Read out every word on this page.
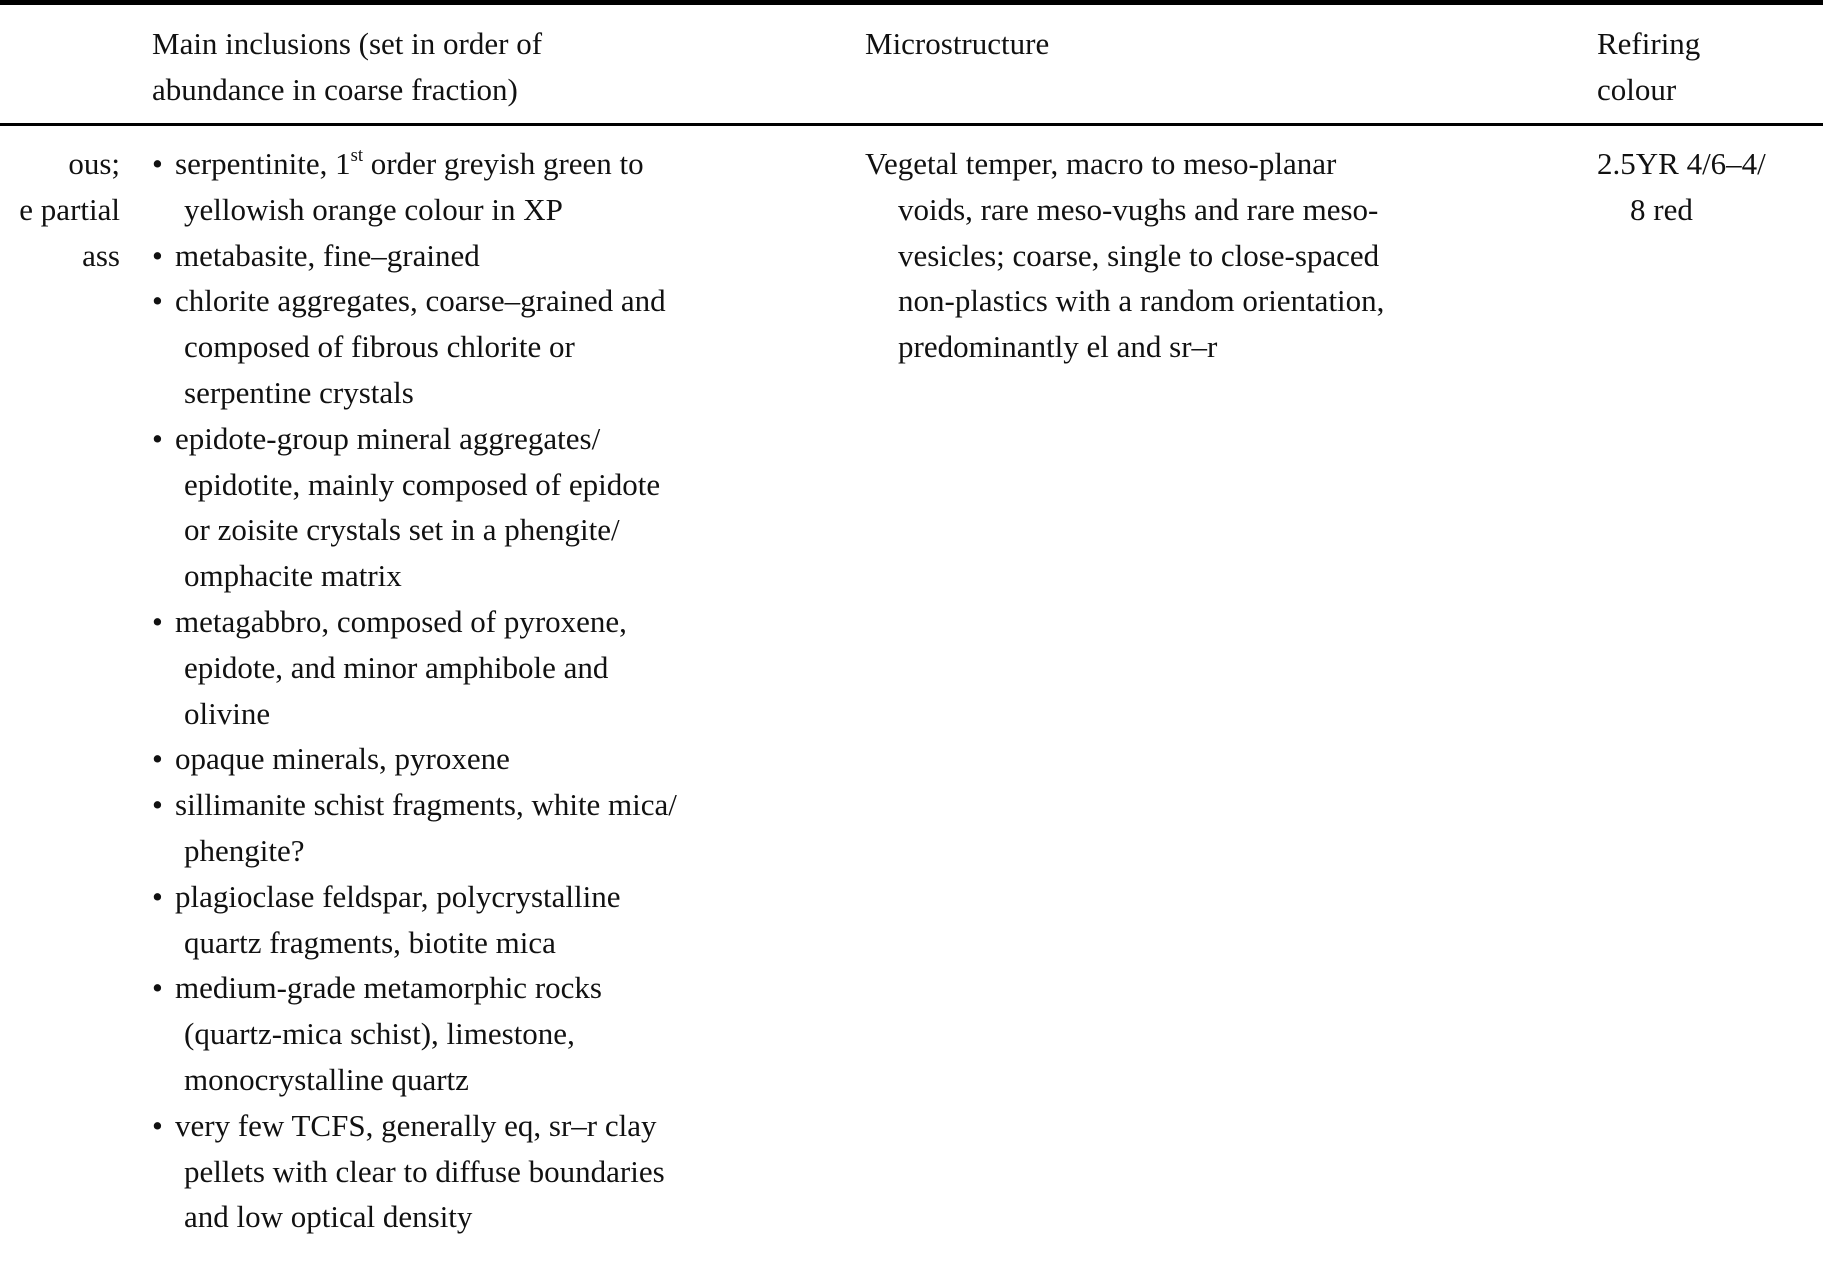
Main inclusions (set in order of
abundance in coarse fraction)
Microstructure	Refiring
colour
ous;
e partial
ass
• serpentinite, 1st order greyish green to
yellowish orange colour in XP
• metabasite, fine–grained
• chlorite aggregates, coarse–grained and
composed of fibrous chlorite or
serpentine crystals
• epidote-group mineral aggregates/
epidotite, mainly composed of epidote
or zoisite crystals set in a phengite/
omphacite matrix
• metagabbro, composed of pyroxene,
epidote, and minor amphibole and
olivine
• opaque minerals, pyroxene
• sillimanite schist fragments, white mica/
phengite?
• plagioclase feldspar, polycrystalline
quartz fragments, biotite mica
• medium-grade metamorphic rocks
(quartz-mica schist), limestone,
monocrystalline quartz
• very few TCFS, generally eq, sr–r clay
pellets with clear to diffuse boundaries
and low optical density
Vegetal temper, macro to meso-planar
voids, rare meso-vughs and rare meso-
vesicles; coarse, single to close-spaced
non-plastics with a random orientation,
predominantly el and sr–r
2.5YR 4/6–4/
8 red
